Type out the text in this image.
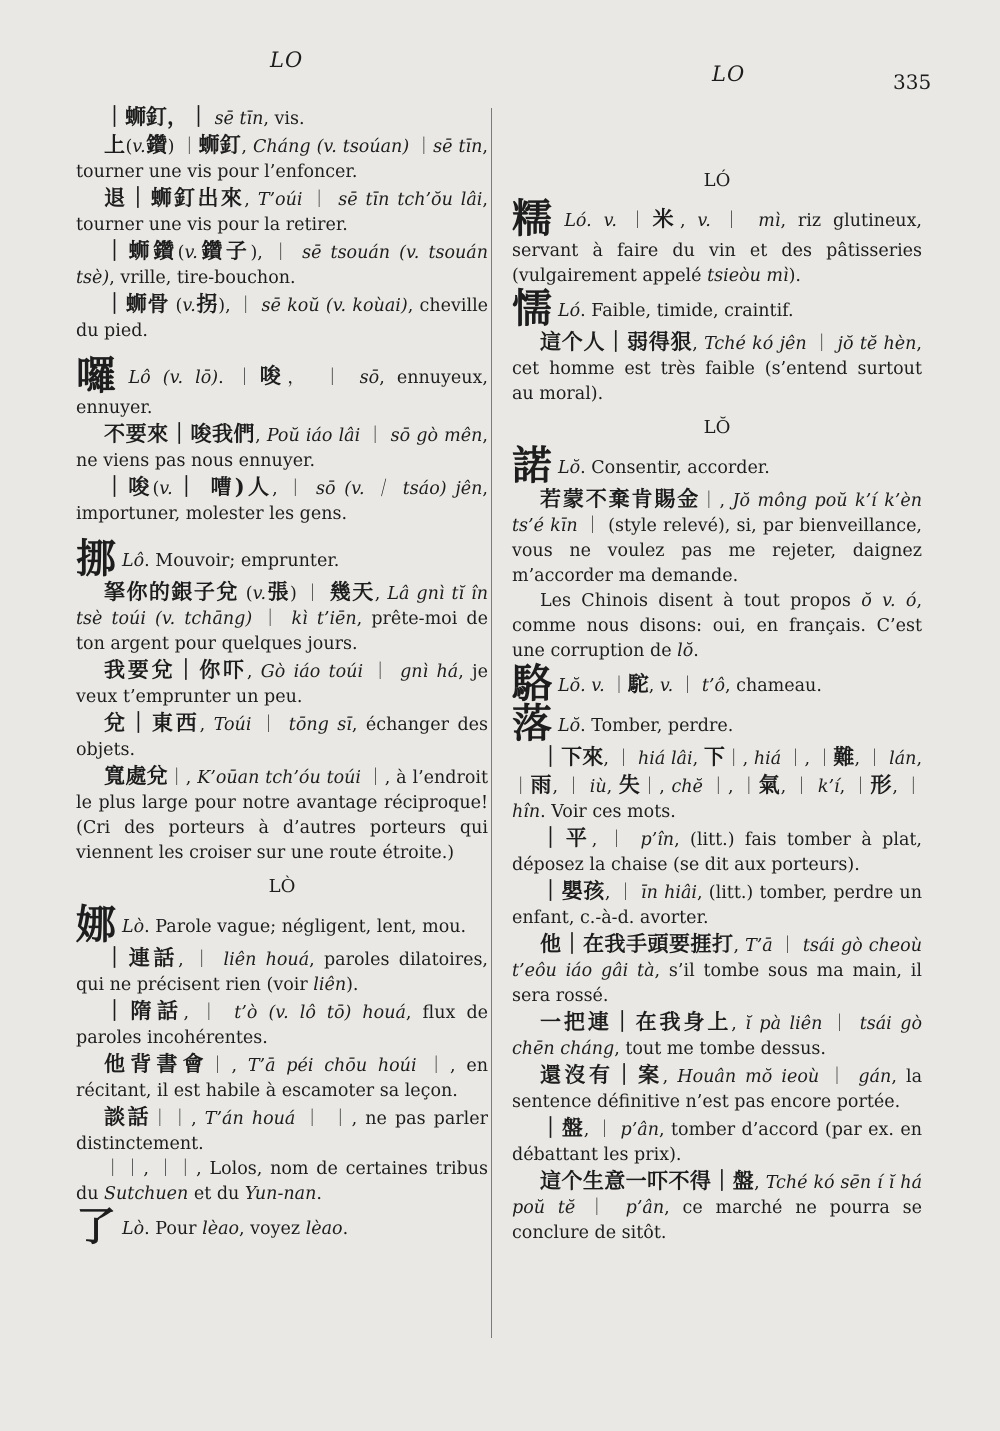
LO
LO	335

｜蛳釘，｜ sē tīn, vis.

上(v.鑽) ｜蛳釘, Cháng (v. tsoúan) ｜sē tīn, tourner une vis pour l’enfoncer.

退｜蛳釘出來, T’oúi ｜ sē tīn tch’ŏu lâi, tourner une vis pour la retirer.

｜蛳鑽(v.鑽子), ｜ sē tsouán (v. tsouán tsè), vrille, tire-bouchon.

｜蛳骨 (v.拐), ｜ sē koŭ (v. koùai), cheville du pied.

囉 Lô (v. lō). ｜唆， ｜ sō, ennuyeux, ennuyer.

不要來｜唆我們, Poŭ iáo lâi ｜ sō gò mên, ne viens pas nous ennuyer.

｜唆(v.｜ 嘈)人, ｜ sō (v. ｜ tsáo) jên, importuner, molester les gens.

挪 Lô. Mouvoir; emprunter.

拏你的銀子兌 (v.張) ｜ 幾天, Lâ gnì tĭ în tsè toúi (v. tchāng) ｜ kì t’iēn, prête-moi de ton argent pour quelques jours.

我要兌｜你吓, Gò iáo toúi ｜ gnì há, je veux t’emprunter un peu.

兌｜東西, Toúi ｜ tōng sī, échanger des objets.

寬處兌｜, K’oūan tch’óu toúi ｜, à l’endroit le plus large pour notre avantage réciproque! (Cri des porteurs à d’autres porteurs qui viennent les croiser sur une route étroite.)

LÒ

娜 Lò. Parole vague; négligent, lent, mou.

｜連話, ｜ liên houá, paroles dilatoires, qui ne précisent rien (voir liên).

｜隋話, ｜ t’ò (v. lô tō) houá, flux de paroles incohérentes.

他背書會｜, T’ā péi chōu hoúi ｜, en récitant, il est habile à escamoter sa leçon.

談話｜｜, T’án houá ｜ ｜, ne pas parler distinctement.

｜｜, ｜｜, Lolos, nom de certaines tribus du Sutchuen et du Yun-nan.

了 Lò. Pour lèao, voyez lèao.

LÓ

糯 Ló. v. ｜米, v. ｜ mì, riz glutineux, servant à faire du vin et des pâtisseries (vulgairement appelé tsieòu mì).

懦 Ló. Faible, timide, craintif.

這个人｜弱得狠, Tché kó jên ｜ jŏ tĕ hèn, cet homme est très faible (s’entend surtout au moral).

LŎ

諾 Lŏ. Consentir, accorder.

若蒙不棄肯賜金｜, Jŏ mông poŭ k’í k’èn ts’é kīn ｜ (style relevé), si, par bienveillance, vous ne voulez pas me rejeter, daignez m’accorder ma demande.

Les Chinois disent à tout propos ŏ v. ó, comme nous disons: oui, en français. C’est une corruption de lŏ.

駱 Lŏ. v. ｜駝, v. ｜ t’ô, chameau.

落 Lŏ. Tomber, perdre.

｜下來, ｜ hiá lâi, 下｜, hiá ｜, ｜難, ｜ lán, ｜雨, ｜ iù, 失｜, chĕ ｜, ｜氣, ｜ k’í, ｜形, ｜ hîn. Voir ces mots.

｜平, ｜ p’în, (litt.) fais tomber à plat, déposez la chaise (se dit aux porteurs).

｜嬰孩, ｜ īn hiâi, (litt.) tomber, perdre un enfant, c.-à-d. avorter.

他｜在我手頭要捱打, T’ā ｜ tsái gò cheoù t’eôu iáo gâi tà, s’il tombe sous ma main, il sera rossé.

一把連｜在我身上, ĭ pà liên ｜ tsái gò chēn cháng, tout me tombe dessus.

還沒有｜案, Houân mŏ ieoù ｜ gán, la sentence définitive n’est pas encore portée.

｜盤, ｜ p’ân, tomber d’accord (par ex. en débattant les prix).

這个生意一吓不得｜盤, Tché kó sēn í ĭ há poŭ tĕ ｜ p’ân, ce marché ne pourra se conclure de sitôt.
